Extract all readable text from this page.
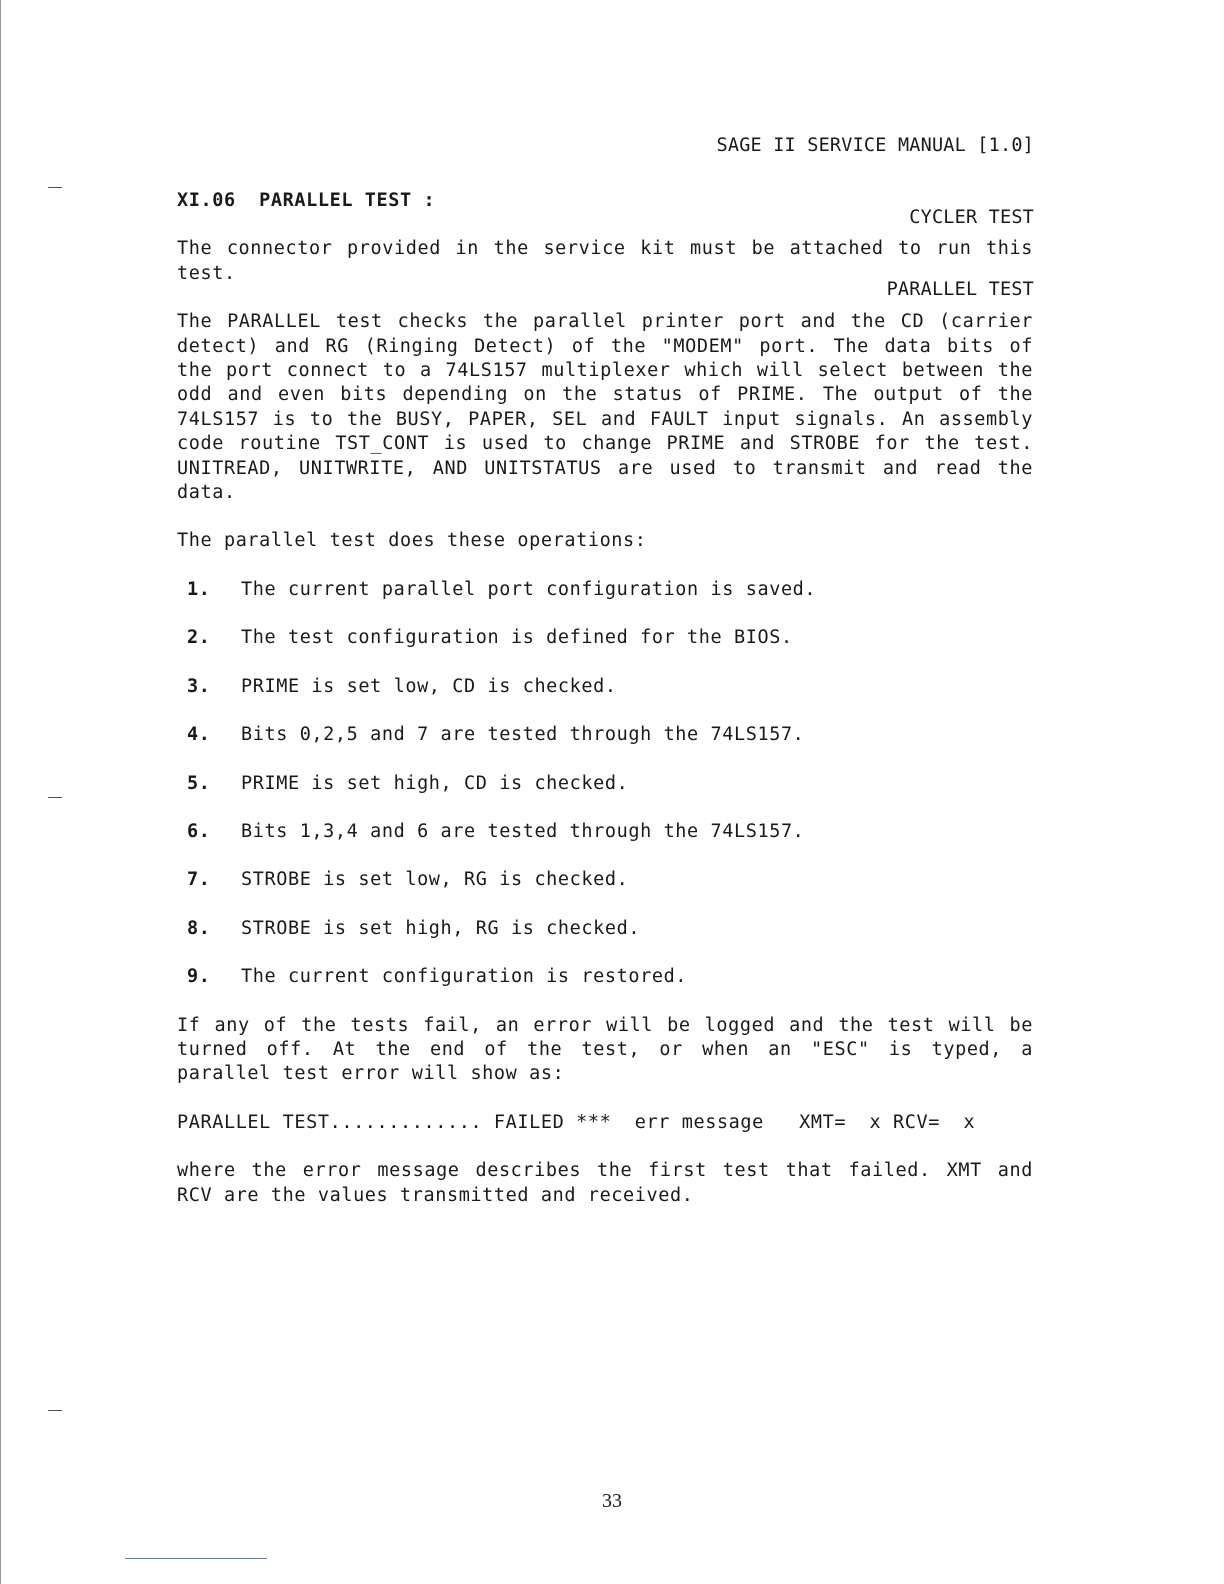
SAGE II SERVICE MANUAL [1.0]

CYCLER TEST

PARALLEL TEST

XI.06  PARALLEL TEST :

The connector provided in the service kit must be attached to run this test.

The PARALLEL test checks the parallel printer port and the CD (carrier detect) and RG (Ringing Detect) of the "MODEM" port. The data bits of the port connect to a 74LS157 multiplexer which will select between the odd and even bits depending on the status of PRIME. The output of the 74LS157 is to the BUSY, PAPER, SEL and FAULT input signals. An assembly code routine TST_CONT is used to change PRIME and STROBE for the test. UNITREAD, UNITWRITE, AND UNITSTATUS are used to transmit and read the data.

The parallel test does these operations:

1.	The current parallel port configuration is saved.
2.	The test configuration is defined for the BIOS.
3.	PRIME is set low, CD is checked.
4.	Bits 0,2,5 and 7 are tested through the 74LS157.
5.	PRIME is set high, CD is checked.
6.	Bits 1,3,4 and 6 are tested through the 74LS157.
7.	STROBE is set low, RG is checked.
8.	STROBE is set high, RG is checked.
9.	The current configuration is restored.

If any of the tests fail, an error will be logged and the test will be turned off. At the end of the test, or when an "ESC" is typed, a parallel test error will show as:

PARALLEL TEST............. FAILED ***  err message   XMT=  x RCV=  x

where the error message describes the first test that failed. XMT and RCV are the values transmitted and received.

33
